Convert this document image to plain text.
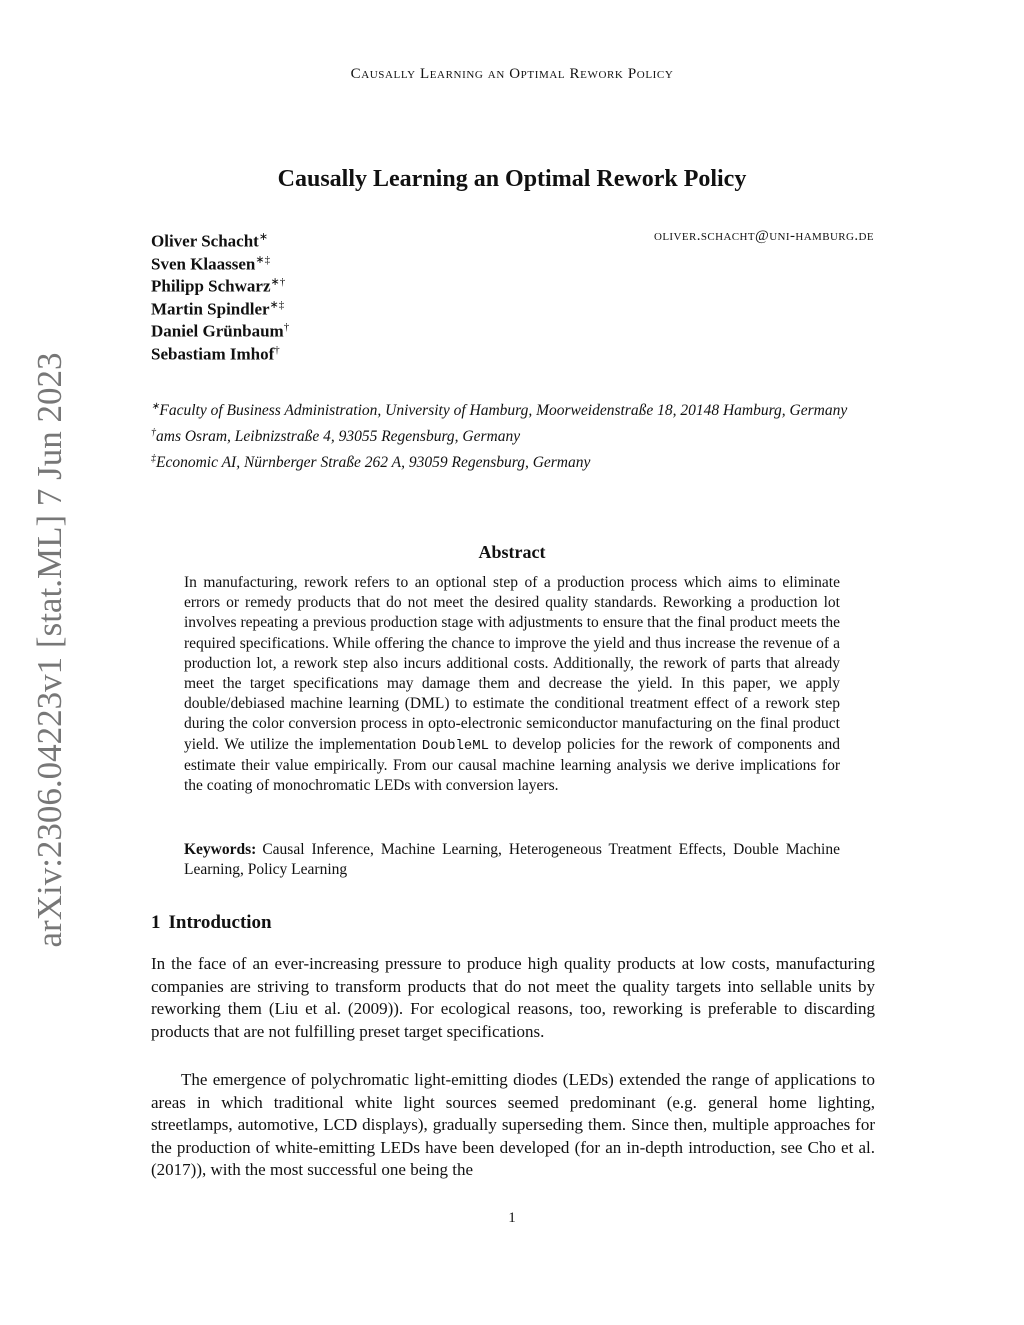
arXiv:2306.04223v1 [stat.ML] 7 Jun 2023
Causally Learning an Optimal Rework Policy
Causally Learning an Optimal Rework Policy
Oliver Schacht∗
Sven Klaassen∗‡
Philipp Schwarz∗†
Martin Spindler∗‡
Daniel Grünbaum†
Sebastiam Imhof†
oliver.schacht@uni-hamburg.de
∗Faculty of Business Administration, University of Hamburg, Moorweidenstraße 18, 20148 Hamburg, Germany
†ams Osram, Leibnizstraße 4, 93055 Regensburg, Germany
‡Economic AI, Nürnberger Straße 262 A, 93059 Regensburg, Germany
Abstract
In manufacturing, rework refers to an optional step of a production process which aims to eliminate errors or remedy products that do not meet the desired quality standards. Reworking a production lot involves repeating a previous production stage with adjustments to ensure that the final product meets the required specifications. While offering the chance to improve the yield and thus increase the revenue of a production lot, a rework step also incurs additional costs. Additionally, the rework of parts that already meet the target specifications may damage them and decrease the yield. In this paper, we apply double/debiased machine learning (DML) to estimate the conditional treatment effect of a rework step during the color conversion process in opto-electronic semiconductor manufacturing on the final product yield. We utilize the implementation DoubleML to develop policies for the rework of components and estimate their value empirically. From our causal machine learning analysis we derive implications for the coating of monochromatic LEDs with conversion layers.
Keywords: Causal Inference, Machine Learning, Heterogeneous Treatment Effects, Double Machine Learning, Policy Learning
1 Introduction
In the face of an ever-increasing pressure to produce high quality products at low costs, manufacturing companies are striving to transform products that do not meet the quality targets into sellable units by reworking them (Liu et al. (2009)). For ecological reasons, too, reworking is preferable to discarding products that are not fulfilling preset target specifications.
The emergence of polychromatic light-emitting diodes (LEDs) extended the range of applications to areas in which traditional white light sources seemed predominant (e.g. general home lighting, streetlamps, automotive, LCD displays), gradually superseding them. Since then, multiple approaches for the production of white-emitting LEDs have been developed (for an in-depth introduction, see Cho et al. (2017)), with the most successful one being the
1
